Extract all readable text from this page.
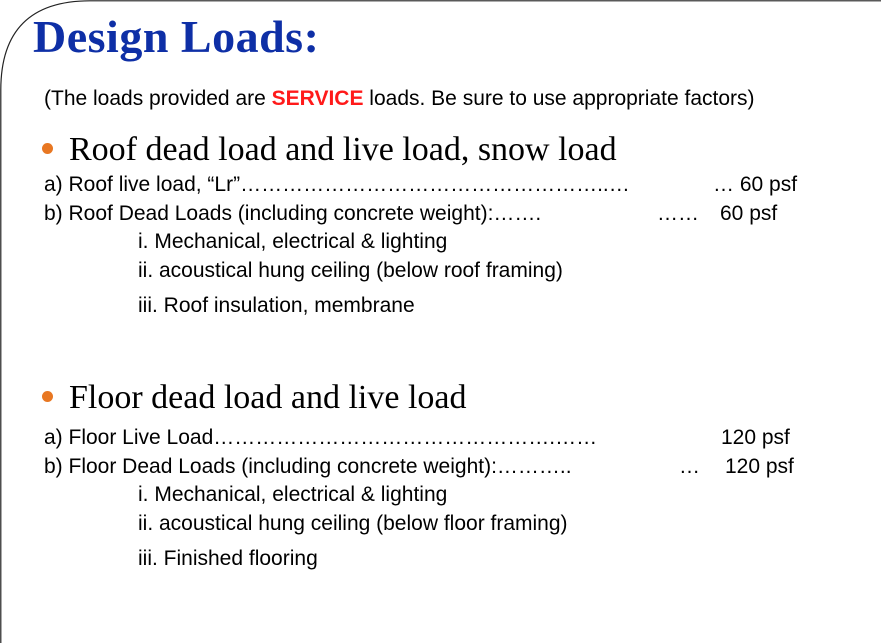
Design Loads:
(The loads provided are SERVICE loads. Be sure to use appropriate factors)
Roof dead load and live load, snow load
a) Roof live load, “Lr”……………………………………………..…	… 60 psf
b) Roof Dead Loads (including concrete weight):…….	…… 60 psf
i. Mechanical, electrical & lighting
ii. acoustical hung ceiling (below roof framing)
iii. Roof insulation, membrane
Floor dead load and live load
a) Floor Live Load………………………………………….……	120 psf
b) Floor Dead Loads (including concrete weight):………..	… 120 psf
i. Mechanical, electrical & lighting
ii. acoustical hung ceiling (below floor framing)
iii. Finished flooring
